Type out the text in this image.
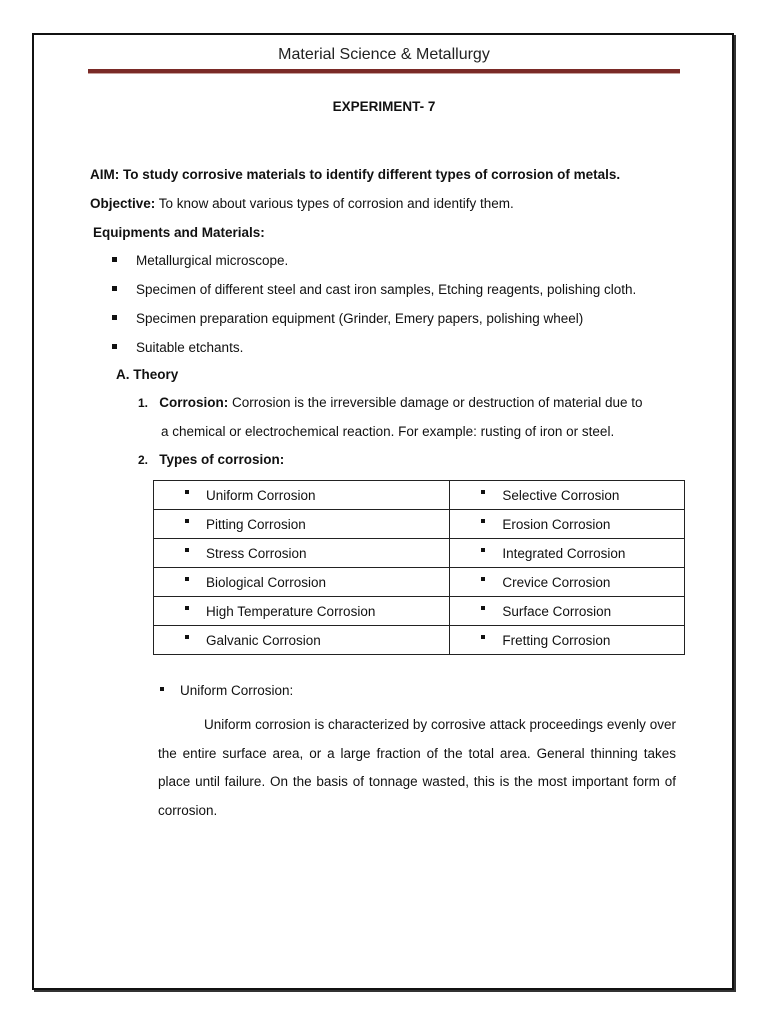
Material Science & Metallurgy
EXPERIMENT- 7
AIM: To study corrosive materials to identify different types of corrosion of metals.
Objective: To know about various types of corrosion and identify them.
Equipments and Materials:
Metallurgical microscope.
Specimen of different steel and cast iron samples, Etching reagents, polishing cloth.
Specimen preparation equipment (Grinder, Emery papers, polishing wheel)
Suitable etchants.
A. Theory
1. Corrosion: Corrosion is the irreversible damage or destruction of material due to
a chemical or electrochemical reaction. For example: rusting of iron or steel.
2. Types of corrosion:
Uniform Corrosion	Selective Corrosion

Pitting Corrosion	Erosion Corrosion

Stress Corrosion	Integrated Corrosion

Biological Corrosion	Crevice Corrosion

High Temperature Corrosion	Surface Corrosion

Galvanic Corrosion	Fretting Corrosion
Uniform Corrosion:

Uniform corrosion is characterized by corrosive attack proceedings evenly over the entire surface area, or a large fraction of the total area. General thinning takes place until failure. On the basis of tonnage wasted, this is the most important form of corrosion.
